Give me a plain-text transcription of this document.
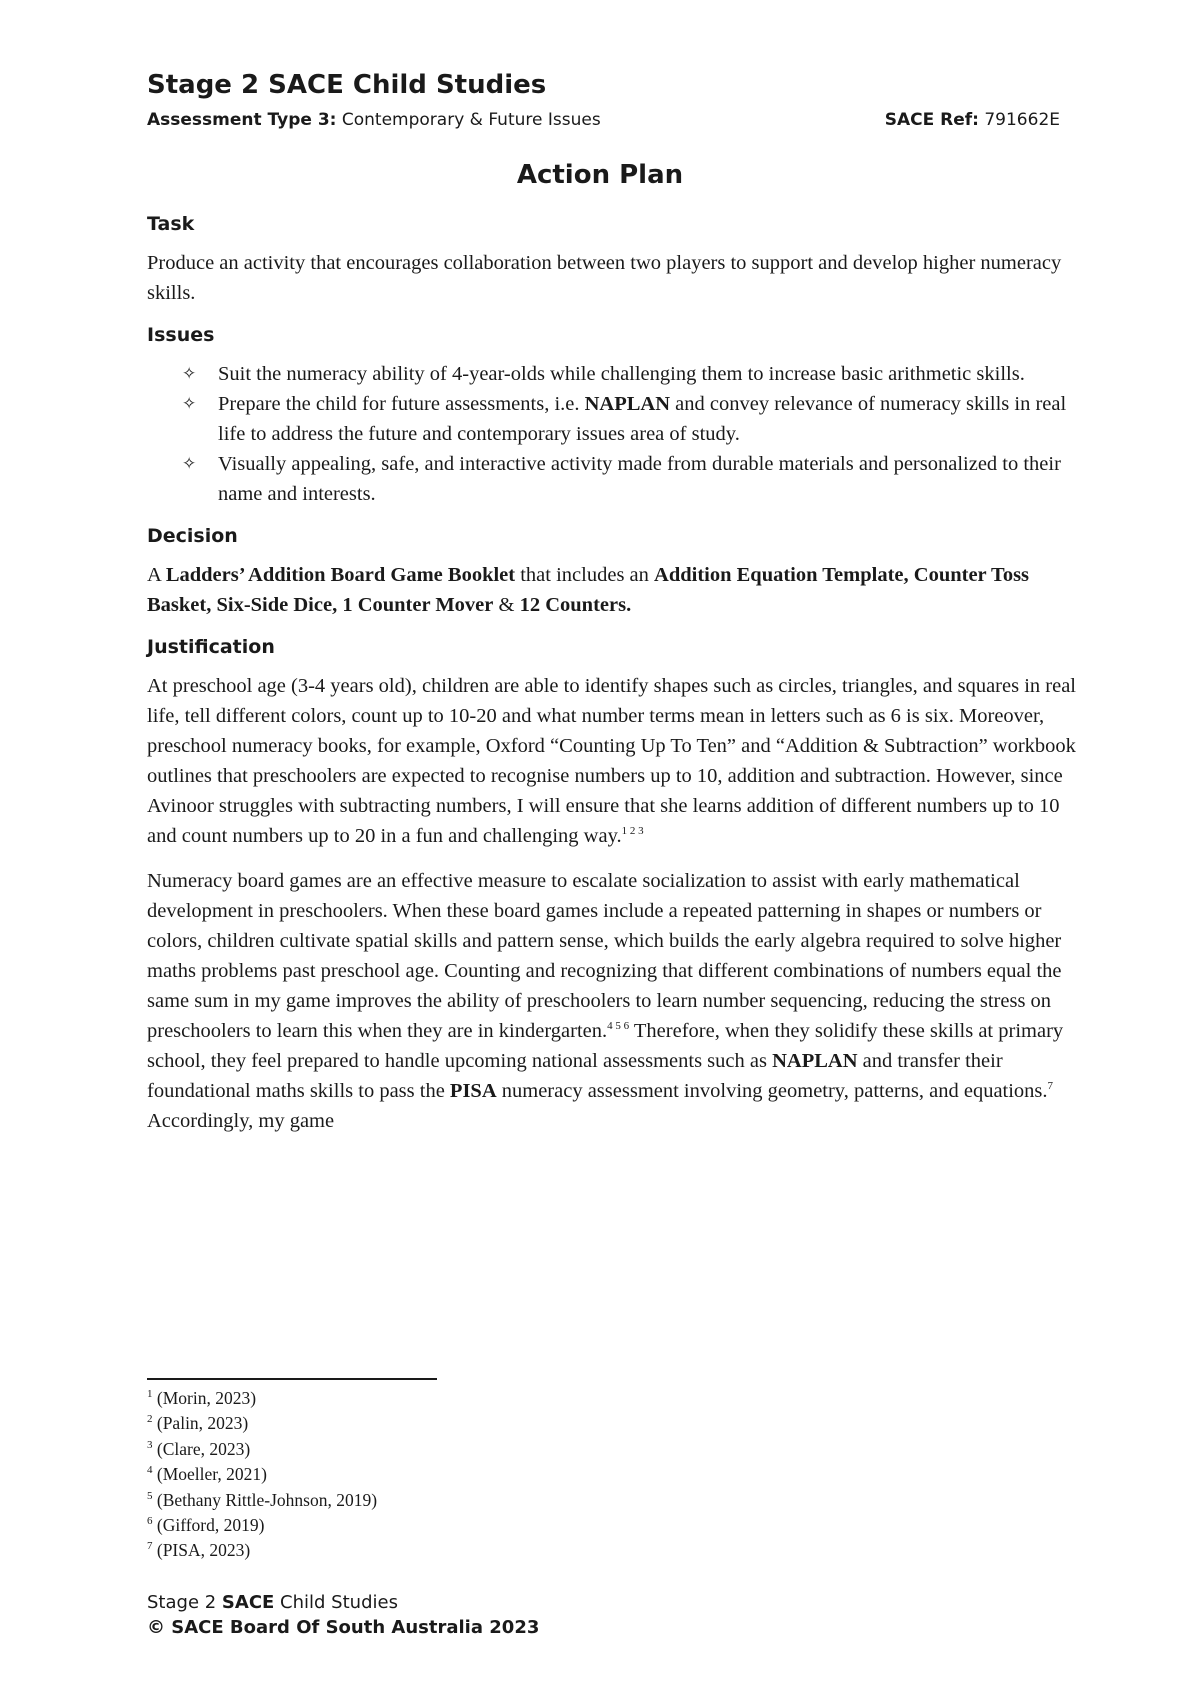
Stage 2 SACE Child Studies
Assessment Type 3: Contemporary & Future Issues	SACE Ref: 791662E
Action Plan
Task

Produce an activity that encourages collaboration between two players to support and develop higher numeracy skills.

Issues
✧ Suit the numeracy ability of 4-year-olds while challenging them to increase basic arithmetic skills.
✧ Prepare the child for future assessments, i.e. NAPLAN and convey relevance of numeracy skills in real life to address the future and contemporary issues area of study.
✧ Visually appealing, safe, and interactive activity made from durable materials and personalized to their name and interests.
Decision

A Ladders’ Addition Board Game Booklet that includes an Addition Equation Template, Counter Toss Basket, Six-Side Dice, 1 Counter Mover & 12 Counters.

Justification

At preschool age (3-4 years old), children are able to identify shapes such as circles, triangles, and squares in real life, tell different colors, count up to 10-20 and what number terms mean in letters such as 6 is six. Moreover, preschool numeracy books, for example, Oxford “Counting Up To Ten” and “Addition & Subtraction” workbook outlines that preschoolers are expected to recognise numbers up to 10, addition and subtraction. However, since Avinoor struggles with subtracting numbers, I will ensure that she learns addition of different numbers up to 10 and count numbers up to 20 in a fun and challenging way.$^{1 2 3}$

Numeracy board games are an effective measure to escalate socialization to assist with early mathematical development in preschoolers. When these board games include a repeated patterning in shapes or numbers or colors, children cultivate spatial skills and pattern sense, which builds the early algebra required to solve higher maths problems past preschool age. Counting and recognizing that different combinations of numbers equal the same sum in my game improves the ability of preschoolers to learn number sequencing, reducing the stress on preschoolers to learn this when they are in kindergarten.$^{4 5 6}$ Therefore, when they solidify these skills at primary school, they feel prepared to handle upcoming national assessments such as NAPLAN and transfer their foundational maths skills to pass the PISA numeracy assessment involving geometry, patterns, and equations.$^7$ Accordingly, my game

$^1$ (Morin, 2023)
$^2$ (Palin, 2023)
$^3$ (Clare, 2023)
$^4$ (Moeller, 2021)
$^5$ (Bethany Rittle-Johnson, 2019)
$^6$ (Gifford, 2019)
$^7$ (PISA, 2023)
Stage 2 SACE Child Studies
© SACE Board Of South Australia 2023
